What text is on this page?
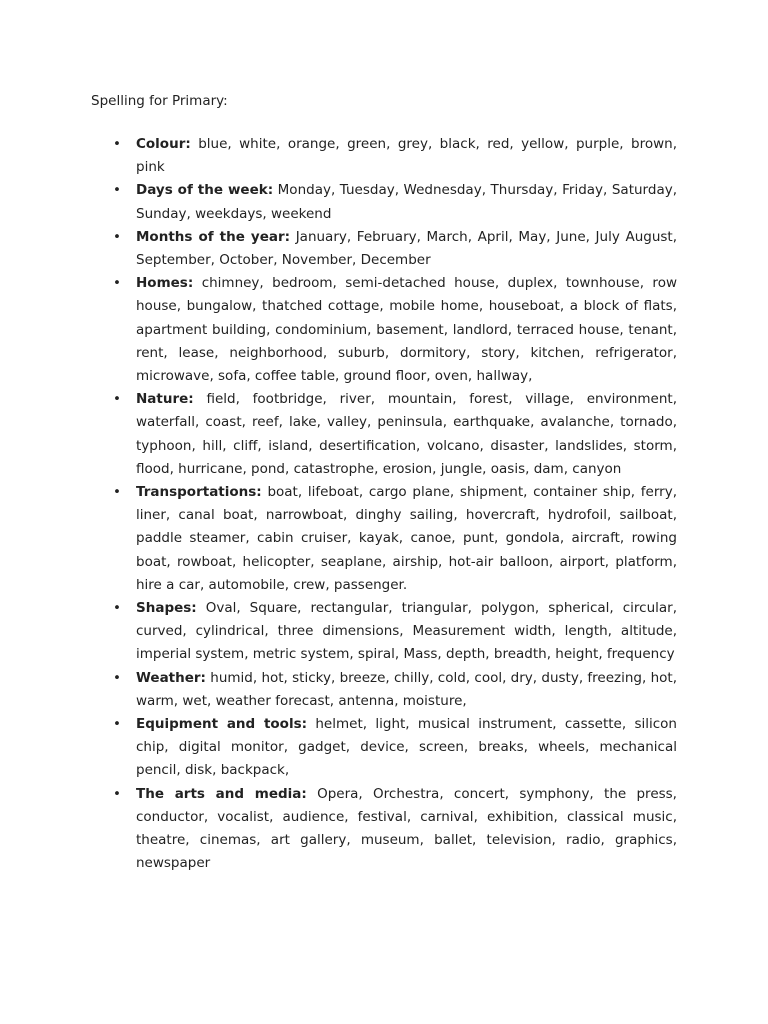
Spelling for Primary:
• Colour: blue, white, orange, green, grey, black, red, yellow, purple, brown, pink
• Days of the week: Monday, Tuesday, Wednesday, Thursday, Friday, Saturday, Sunday, weekdays, weekend
• Months of the year: January, February, March, April, May, June, July August, September, October, November, December
• Homes: chimney, bedroom, semi-detached house, duplex, townhouse, row house, bungalow, thatched cottage, mobile home, houseboat, a block of flats, apartment building, condominium, basement, landlord, terraced house, tenant, rent, lease, neighborhood, suburb, dormitory, story, kitchen, refrigerator, microwave, sofa, coffee table, ground floor, oven, hallway,
• Nature: field, footbridge, river, mountain, forest, village, environment, waterfall, coast, reef, lake, valley, peninsula, earthquake, avalanche, tornado, typhoon, hill, cliff, island, desertification, volcano, disaster, landslides, storm, flood, hurricane, pond, catastrophe, erosion, jungle, oasis, dam, canyon
• Transportations: boat, lifeboat, cargo plane, shipment, container ship, ferry, liner, canal boat, narrowboat, dinghy sailing, hovercraft, hydrofoil, sailboat, paddle steamer, cabin cruiser, kayak, canoe, punt, gondola, aircraft, rowing boat, rowboat, helicopter, seaplane, airship, hot-air balloon, airport, platform, hire a car, automobile, crew, passenger.
• Shapes: Oval, Square, rectangular, triangular, polygon, spherical, circular, curved, cylindrical, three dimensions, Measurement width, length, altitude, imperial system, metric system, spiral, Mass, depth, breadth, height, frequency
• Weather: humid, hot, sticky, breeze, chilly, cold, cool, dry, dusty, freezing, hot, warm, wet, weather forecast, antenna, moisture,
• Equipment and tools: helmet, light, musical instrument, cassette, silicon chip, digital monitor, gadget, device, screen, breaks, wheels, mechanical pencil, disk, backpack,
• The arts and media: Opera, Orchestra, concert, symphony, the press, conductor, vocalist, audience, festival, carnival, exhibition, classical music, theatre, cinemas, art gallery, museum, ballet, television, radio, graphics, newspaper
